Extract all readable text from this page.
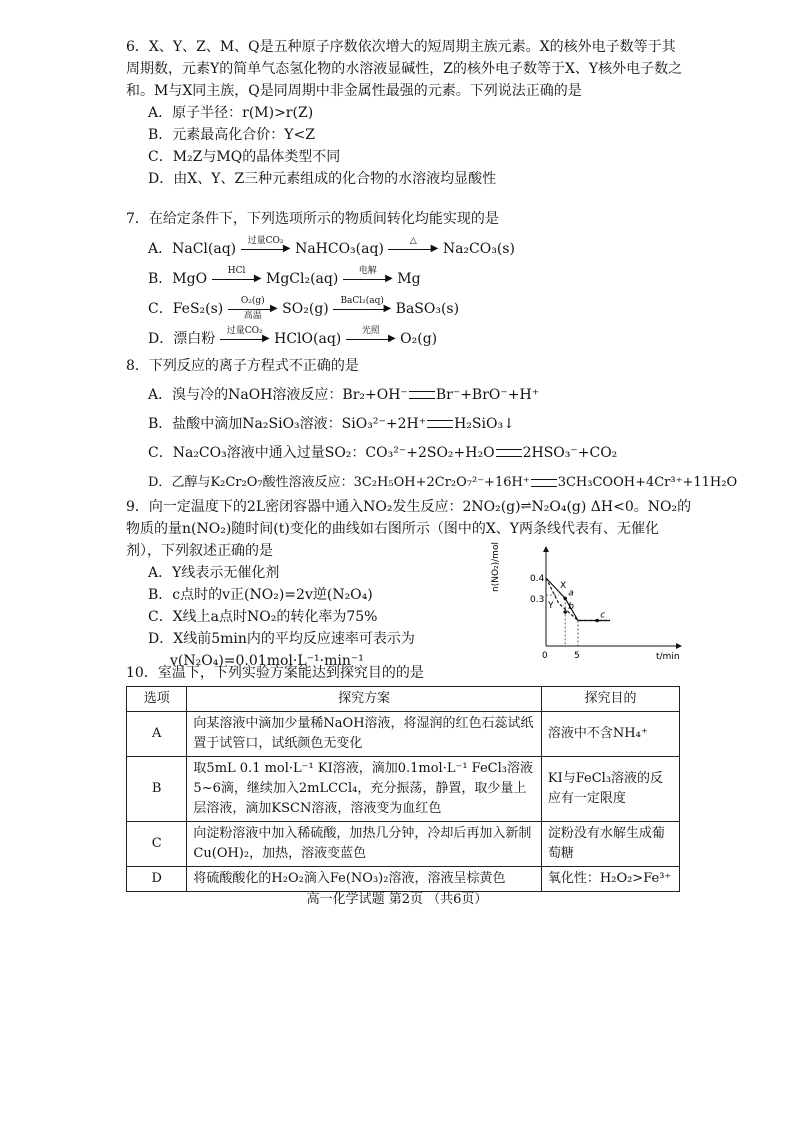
6．X、Y、Z、M、Q是五种原子序数依次增大的短周期主族元素。X的核外电子数等于其周期数，元素Y的简单气态氢化物的水溶液显碱性，Z的核外电子数等于X、Y核外电子数之和。M与X同主族，Q是同周期中非金属性最强的元素。下列说法正确的是

A．原子半径：r(M)>r(Z)

B．元素最高化合价：Y<Z

C．M₂Z与MQ的晶体类型不同

D．由X、Y、Z三种元素组成的化合物的水溶液均显酸性

7．在给定条件下，下列选项所示的物质间转化均能实现的是

A．NaCl(aq)	过量CO₂
▶ NaHCO₃(aq)	△
▶ Na₂CO₃(s)

B．MgO	HCl
▶ MgCl₂(aq)	电解
▶ Mg

C．FeS₂(s)	O₂(g)
▶
高温	SO₂(g)	BaCl₂(aq)
▶ BaSO₃(s)

D．漂白粉	过量CO₂
▶ HClO(aq)	光照
▶ O₂(g)

8．下列反应的离子方程式不正确的是

A．溴与冷的NaOH溶液反应：Br₂+OH⁻ Br⁻+BrO⁻+H⁺

B．盐酸中滴加Na₂SiO₃溶液：SiO₃²⁻+2H⁺ H₂SiO₃↓

C．Na₂CO₃溶液中通入过量SO₂：CO₃²⁻+2SO₂+H₂O 2HSO₃⁻+CO₂

D．乙醇与K₂Cr₂O₇酸性溶液反应：3C₂H₅OH+2Cr₂O₇²⁻+16H⁺ 3CH₃COOH+4Cr³⁺+11H₂O

9．向一定温度下的2L密闭容器中通入NO₂发生反应：2NO₂(g)⇌N₂O₄(g) ΔH<0。NO₂的物质的量n(NO₂)随时间(t)变化的曲线如右图所示（图中的X、Y两条线代表有、无催化剂），下列叙述正确的是

A．Y线表示无催化剂

B．c点时的v正(NO₂)=2v逆(N₂O₄)

C．X线上a点时NO₂的转化率为75%

D．X线前5min内的平均反应速率可表示为

v(N₂O₄)=0.01mol·L⁻¹·min⁻¹

n(NO₂)/mol
t/min
0.4
0.3
0	5
a
b
c
X
Y

10．室温下，下列实验方案能达到探究目的的是

选项	探究方案	探究目的
A	向某溶液中滴加少量稀NaOH溶液，将湿润的红色石蕊试纸置于试管口，试纸颜色无变化	溶液中不含NH₄⁺
B	取5mL 0.1 mol·L⁻¹ KI溶液，滴加0.1mol·L⁻¹ FeCl₃溶液5~6滴，继续加入2mLCCl₄，充分振荡，静置，取少量上层溶液，滴加KSCN溶液，溶液变为血红色	KI与FeCl₃溶液的反应有一定限度
C	向淀粉溶液中加入稀硫酸，加热几分钟，冷却后再加入新制Cu(OH)₂，加热，溶液变蓝色	淀粉没有水解生成葡萄糖
D	将硫酸酸化的H₂O₂滴入Fe(NO₃)₂溶液，溶液呈棕黄色	氧化性：H₂O₂>Fe³⁺
高一化学试题 第2页 （共6页）
